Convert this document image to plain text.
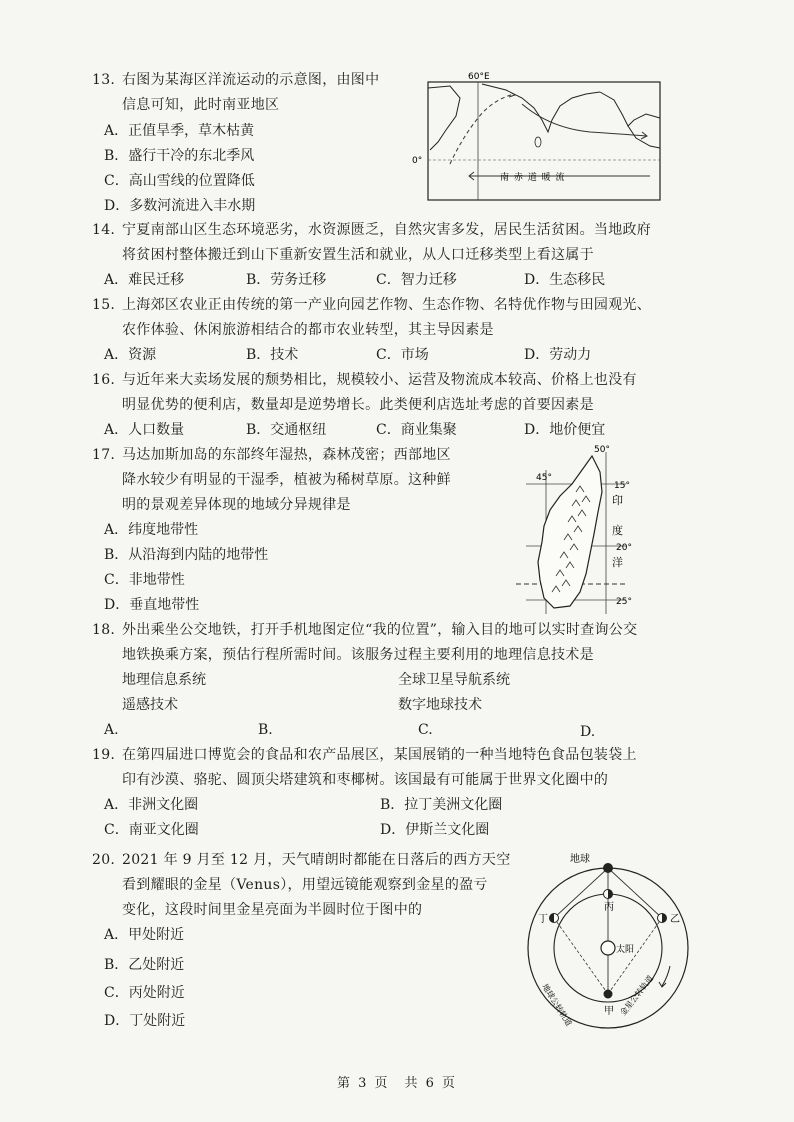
13. 右图为某海区洋流运动的示意图，由图中
信息可知，此时南亚地区
A．正值旱季，草木枯黄
B．盛行干冷的东北季风
C．高山雪线的位置降低
D．多数河流进入丰水期
60°E
0°
南 赤 道 暖 流
14. 宁夏南部山区生态环境恶劣，水资源匮乏，自然灾害多发，居民生活贫困。当地政府
将贫困村整体搬迁到山下重新安置生活和就业，从人口迁移类型上看这属于
A．难民迁移	B．劳务迁移	C．智力迁移	D．生态移民
15. 上海郊区农业正由传统的第一产业向园艺作物、生态作物、名特优作物与田园观光、
农作体验、休闲旅游相结合的都市农业转型，其主导因素是
A．资源	B．技术	C．市场	D．劳动力
16. 与近年来大卖场发展的颓势相比，规模较小、运营及物流成本较高、价格上也没有
明显优势的便利店，数量却是逆势增长。此类便利店选址考虑的首要因素是
A．人口数量	B．交通枢纽	C．商业集聚	D．地价便宜
17. 马达加斯加岛的东部终年湿热，森林茂密；西部地区
降水较少有明显的干湿季，植被为稀树草原。这种鲜
明的景观差异体现的地域分异规律是
A．纬度地带性
B．从沿海到内陆的地带性
C．非地带性
D．垂直地带性
45°
50°
15°
20°
25°
印
度
洋
18. 外出乘坐公交地铁，打开手机地图定位“我的位置”，输入目的地可以实时查询公交
地铁换乘方案，预估行程所需时间。该服务过程主要利用的地理信息技术是
地理信息系统	全球卫星导航系统
遥感技术	数字地球技术
A.	B.	C.	D.
19. 在第四届进口博览会的食品和农产品展区，某国展销的一种当地特色食品包装袋上
印有沙漠、骆驼、圆顶尖塔建筑和枣椰树。该国最有可能属于世界文化圈中的
A．非洲文化圈	B．拉丁美洲文化圈
C．南亚文化圈	D．伊斯兰文化圈
20. 2021 年 9 月至 12 月，天气晴朗时都能在日落后的西方天空
看到耀眼的金星（Venus），用望远镜能观察到金星的盈亏
变化，这段时间里金星亮面为半圆时位于图中的
A．甲处附近
B．乙处附近
C．丙处附近
D．丁处附近
太阳
地球
丙
乙
丁
甲
地球公转轨道	金星公转轨道
第 3 页　共 6 页
